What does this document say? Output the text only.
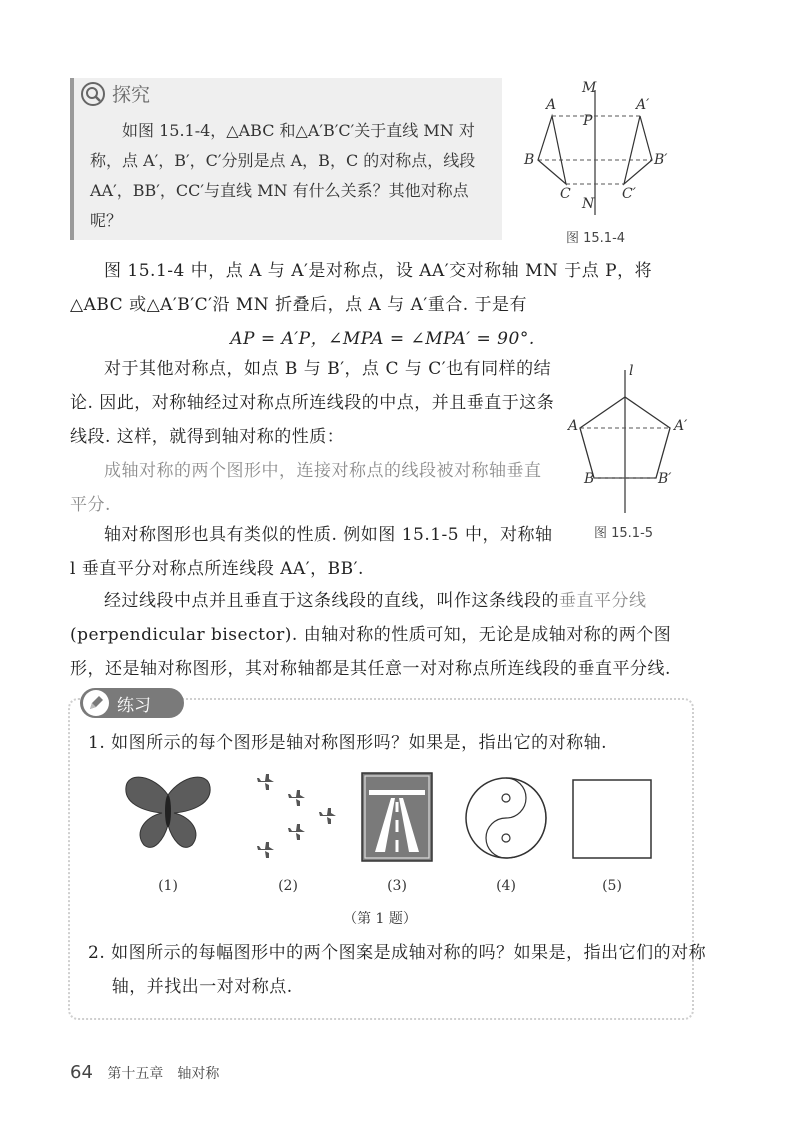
探究
如图 15.1-4，△ABC 和△A′B′C′关于直线 MN 对称，点 A′，B′，C′分别是点 A，B，C 的对称点，线段 AA′，BB′，CC′与直线 MN 有什么关系？其他对称点呢？
M
N
P
A
B
C
A′
B′
C′
图 15.1-4
图 15.1-4 中，点 A 与 A′是对称点，设 AA′交对称轴 MN 于点 P，将△ABC 或△A′B′C′沿 MN 折叠后，点 A 与 A′重合. 于是有
AP = A′P，∠MPA = ∠MPA′ = 90°.
对于其他对称点，如点 B 与 B′，点 C 与 C′也有同样的结论. 因此，对称轴经过对称点所连线段的中点，并且垂直于这条线段. 这样，就得到轴对称的性质：
成轴对称的两个图形中，连接对称点的线段被对称轴垂直平分.
轴对称图形也具有类似的性质. 例如图 15.1-5 中，对称轴 l 垂直平分对称点所连线段 AA′，BB′.
l
A	A′
B	B′
图 15.1-5
经过线段中点并且垂直于这条线段的直线，叫作这条线段的垂直平分线(perpendicular bisector). 由轴对称的性质可知，无论是成轴对称的两个图形，还是轴对称图形，其对称轴都是其任意一对对称点所连线段的垂直平分线.
练习
1. 如图所示的每个图形是轴对称图形吗？如果是，指出它的对称轴.
(1)	(2)	(3)	(4)	(5)
（第 1 题）
2. 如图所示的每幅图形中的两个图案是成轴对称的吗？如果是，指出它们的对称轴，并找出一对对称点.
64 第十五章　轴对称
